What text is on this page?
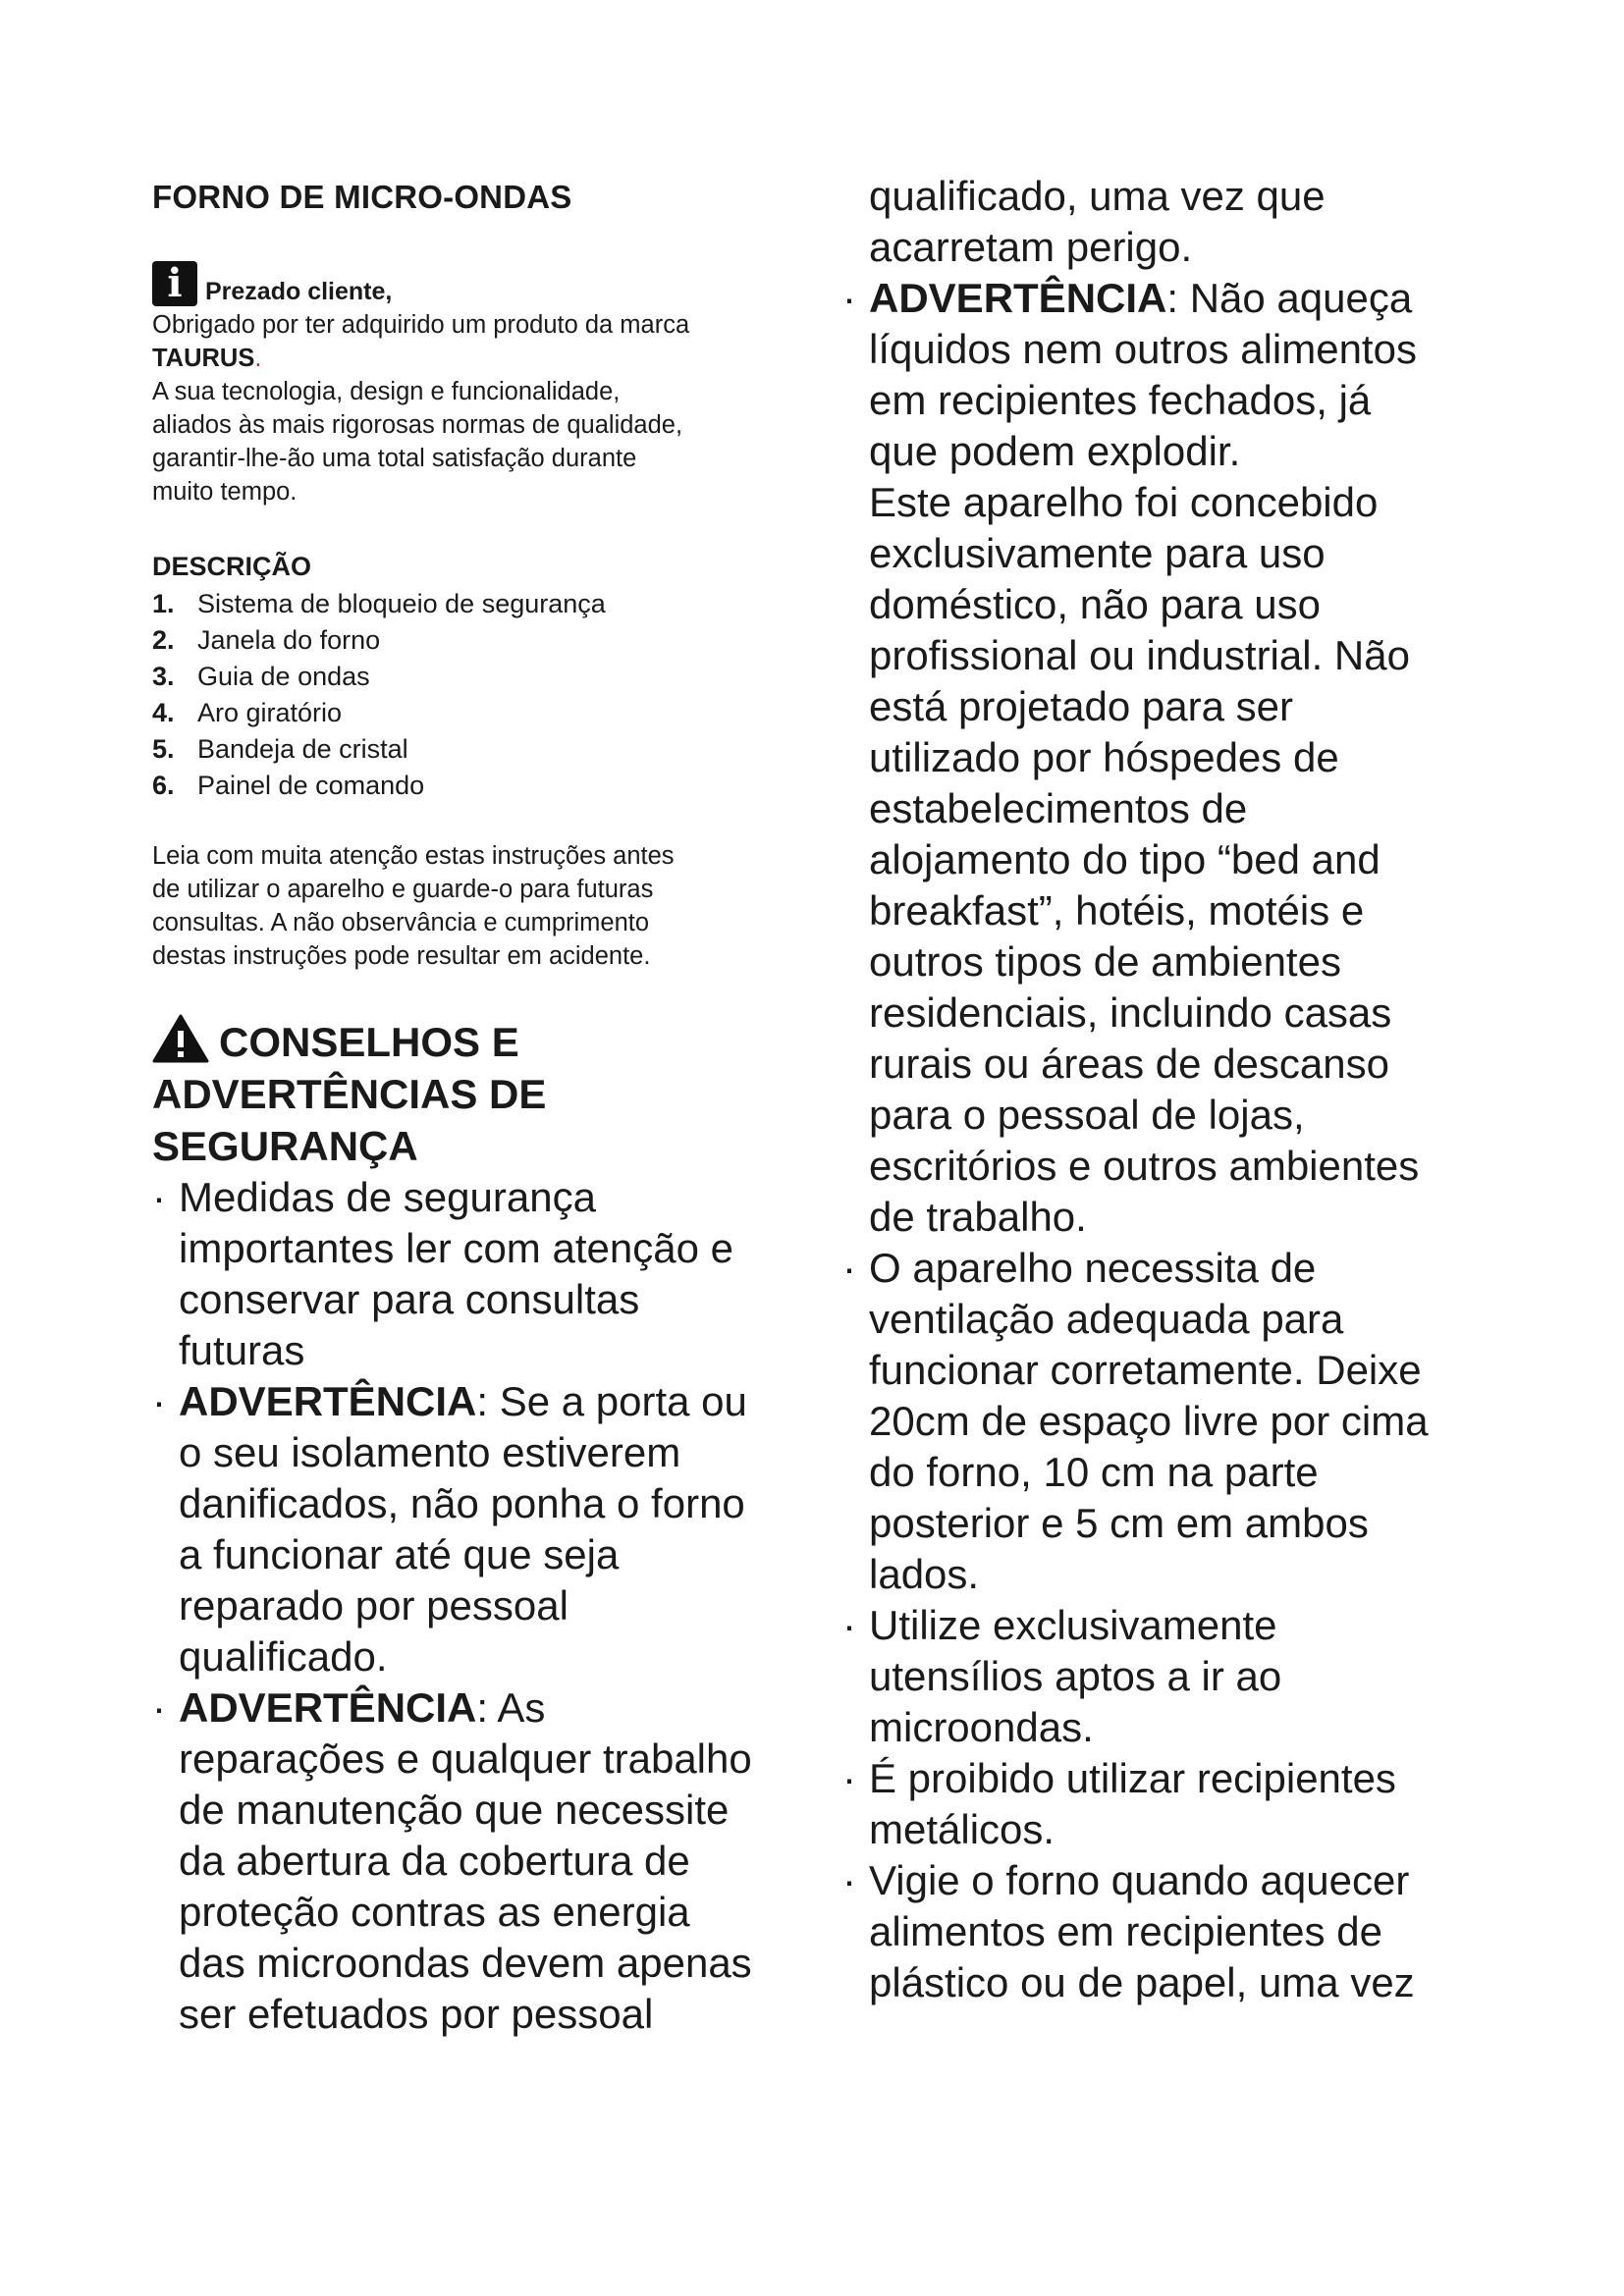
FORNO DE MICRO-ONDAS
i Prezado cliente,

Obrigado por ter adquirido um produto da marca
TAURUS.

A sua tecnologia, design e funcionalidade,
aliados às mais rigorosas normas de qualidade,
garantir-lhe-ão uma total satisfação durante
muito tempo.

DESCRIÇÃO
1. Sistema de bloqueio de segurança
2. Janela do forno
3. Guia de ondas
4. Aro giratório
5. Bandeja de cristal
6. Painel de comando

Leia com muita atenção estas instruções antes
de utilizar o aparelho e guarde-o para futuras
consultas. A não observância e cumprimento
destas instruções pode resultar em acidente.

CONSELHOS E
ADVERTÊNCIAS DE
SEGURANÇA
· Medidas de segurança
importantes ler com atenção e
conservar para consultas
futuras
· ADVERTÊNCIA: Se a porta ou
o seu isolamento estiverem
danificados, não ponha o forno
a funcionar até que seja
reparado por pessoal
qualificado.
· ADVERTÊNCIA: As
reparações e qualquer trabalho
de manutenção que necessite
da abertura da cobertura de
proteção contras as energia
das microondas devem apenas
ser efetuados por pessoal
qualificado, uma vez que
acarretam perigo.
· ADVERTÊNCIA: Não aqueça
líquidos nem outros alimentos
em recipientes fechados, já
que podem explodir.
Este aparelho foi concebido
exclusivamente para uso
doméstico, não para uso
profissional ou industrial. Não
está projetado para ser
utilizado por hóspedes de
estabelecimentos de
alojamento do tipo “bed and
breakfast”, hotéis, motéis e
outros tipos de ambientes
residenciais, incluindo casas
rurais ou áreas de descanso
para o pessoal de lojas,
escritórios e outros ambientes
de trabalho.
· O aparelho necessita de
ventilação adequada para
funcionar corretamente. Deixe
20cm de espaço livre por cima
do forno, 10 cm na parte
posterior e 5 cm em ambos
lados.
· Utilize exclusivamente
utensílios aptos a ir ao
microondas.
· É proibido utilizar recipientes
metálicos.
· Vigie o forno quando aquecer
alimentos em recipientes de
plástico ou de papel, uma vez
